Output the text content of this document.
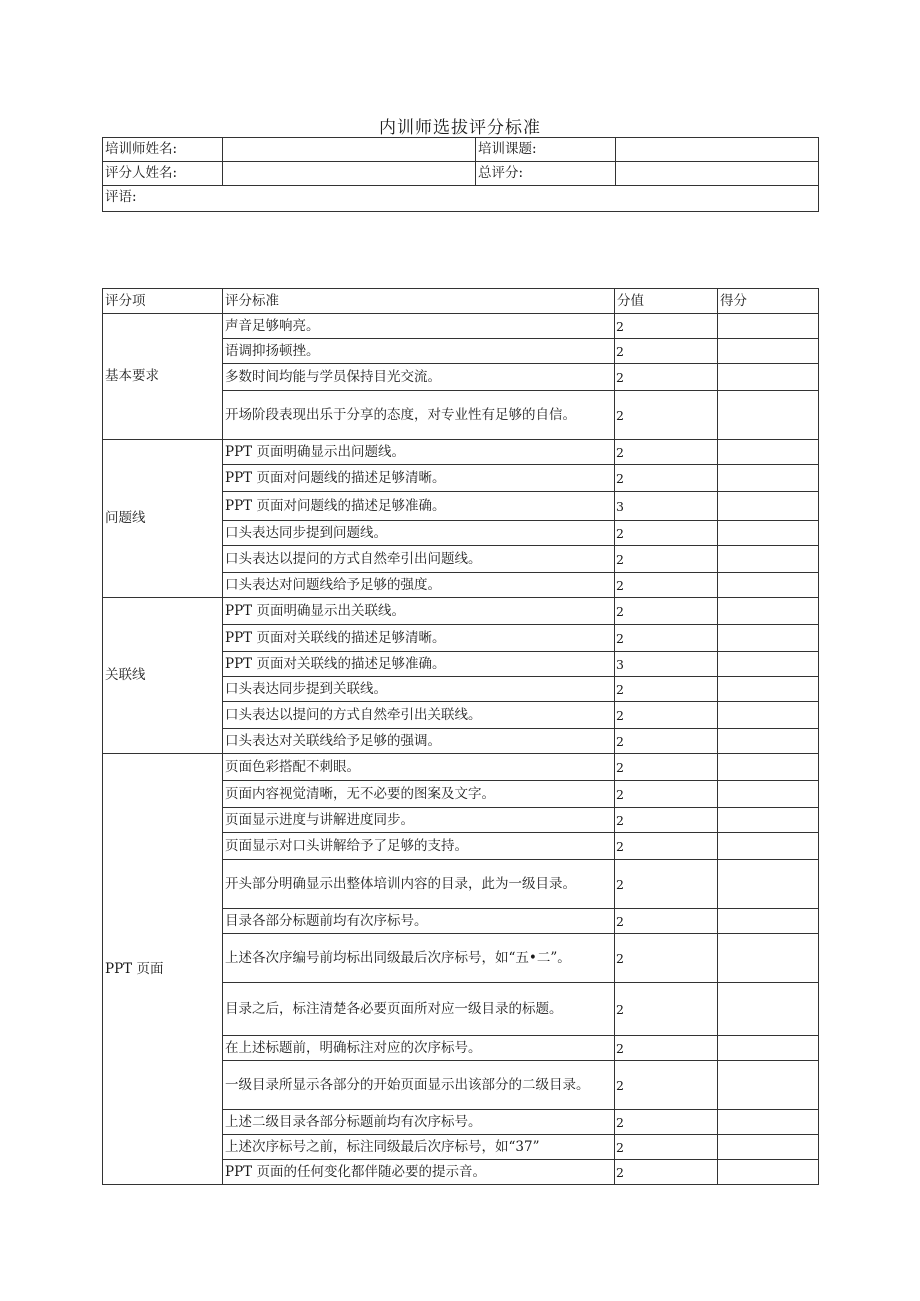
内训师选拔评分标准
培训师姓名:		培训课题:	
评分人姓名:		总评分:	
评语:			
评分项	评分标准	分值	得分
基本要求	声音足够响亮。	2	
	语调抑扬顿挫。	2	
	多数时间均能与学员保持目光交流。	2	
	开场阶段表现出乐于分享的态度，对专业性有足够的自信。	2	
问题线	PPT 页面明确显示出问题线。	2	
	PPT 页面对问题线的描述足够清晰。	2	
	PPT 页面对问题线的描述足够准确。	3	
	口头表达同步提到问题线。	2	
	口头表达以提问的方式自然牵引出问题线。	2	
	口头表达对问题线给予足够的强度。	2	
关联线	PPT 页面明确显示出关联线。	2	
	PPT 页面对关联线的描述足够清晰。	2	
	PPT 页面对关联线的描述足够准确。	3	
	口头表达同步提到关联线。	2	
	口头表达以提问的方式自然牵引出关联线。	2	
	口头表达对关联线给予足够的强调。	2	
PPT 页面	页面色彩搭配不刺眼。	2	
	页面内容视觉清晰，无不必要的图案及文字。	2	
	页面显示进度与讲解进度同步。	2	
	页面显示对口头讲解给予了足够的支持。	2	
	开头部分明确显示出整体培训内容的目录，此为一级目录。	2	
	目录各部分标题前均有次序标号。	2	
	上述各次序编号前均标出同级最后次序标号，如“五•二”。	2	
	目录之后，标注清楚各必要页面所对应一级目录的标题。	2	
	在上述标题前，明确标注对应的次序标号。	2	
	一级目录所显示各部分的开始页面显示出该部分的二级目录。	2	
	上述二级目录各部分标题前均有次序标号。	2	
	上述次序标号之前，标注同级最后次序标号，如“37”	2	
	PPT 页面的任何变化都伴随必要的提示音。	2	
